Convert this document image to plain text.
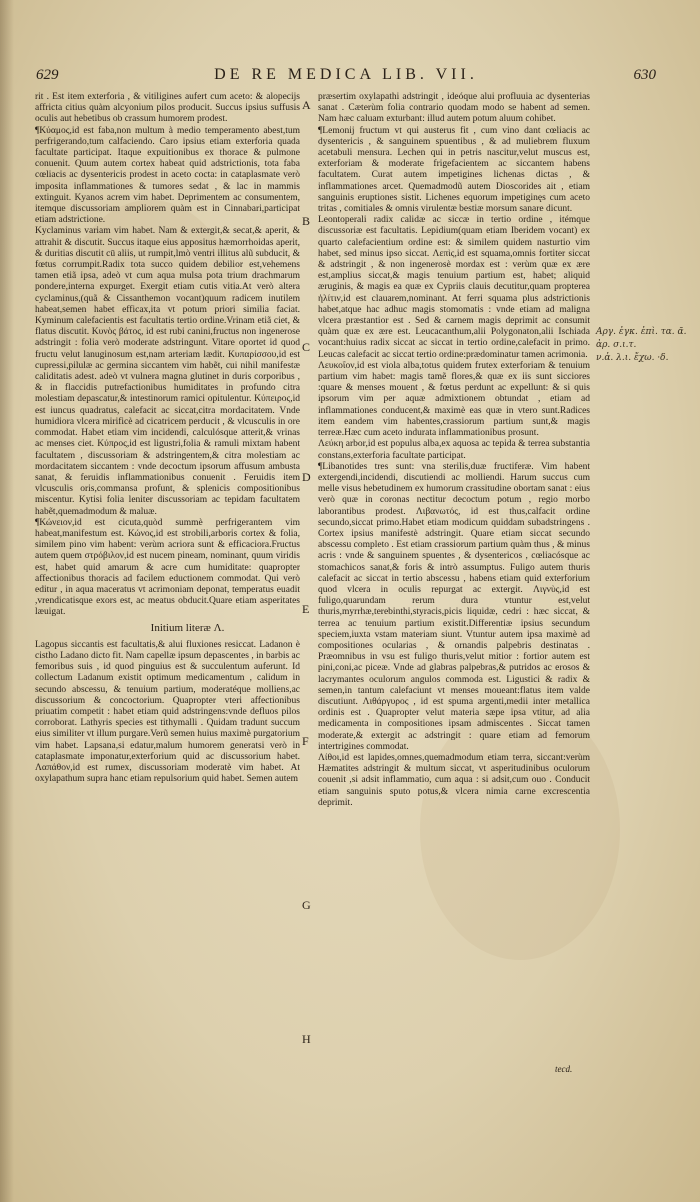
629	DE RE MEDICA LIB. VII.	630

rit . Est item exterforia , & vitiligines aufert cum aceto: & alopecijs affricta citius quàm alcyonium pilos producit. Succus ipsius suffusis oculis aut hebetibus ob crassum humorem prodest.

¶Κύαμος,id est faba,non multum à medio temperamento abest,tum perfrigerando,tum calfaciendo. Caro ipsius etiam exterforia quada facultate participat. Itaque expuitionibus ex thorace & pulmone conuenit. Quum autem cortex habeat quid adstrictionis, tota faba cœliacis ac dysentericis prodest in aceto cocta: in cataplasmate verò imposita inflammationes & tumores sedat , & lac in mammis extinguit. Kyanos acrem vim habet. Deprimentem ac consumentem, itemque discussoriam ampliorem quàm est in Cinnabari,participat etiam adstrictione.

Kyclaminus variam vim habet. Nam & extergit,& secat,& aperit, & attrahit & discutit. Succus itaque eius appositus hæmorrhoidas aperit, & duritias discutit cū aliis, ut rumpit,lmò ventri illitus alũ subducit, & fœtus corrumpit.Radix tota succo quidem debilior est,vehemens tamen etiã ipsa, adeò vt cum aqua mulsa pota trium drachmarum pondere,interna expurget. Exergit etiam cutis vitia.At verò altera cyclaminus,(quã & Cissanthemon vocant)quum radicem inutilem habeat,semen habet efficax,ita vt potum priori similia faciat. Kyminum calefacientis est facultatis tertio ordine.Vrinam etiã ciet, & flatus discutit. Κυνὸς βάτος, id est rubi canini,fructus non ingenerose adstringit : folia verò moderate adstringunt. Vitare oportet id quod fructu velut lanuginosum est,nam arteriam lædit. Κυπαρίσσου,id est cupressi,pilulæ ac germina siccantem vim habẽt, cui nihil manifestæ caliditatis adest. adeò vt vulnera magna glutinet in duris corporibus , & in flaccidis putrefactionibus humiditates in profundo citra molestiam depascatur,& intestinorum ramici opitulentur. Κύπειρος,id est iuncus quadratus, calefacit ac siccat,citra mordacitatem. Vnde humidiora vlcera mirificè ad cicatricem perducit , & vlcusculis in ore commodat. Habet etiam vim incidendi, calculósque atterit,& vrinas ac menses ciet. Κύπρος,id est ligustri,folia & ramuli mixtam habent facultatem , discussoriam & adstringentem,& citra molestiam ac mordacitatem siccantem : vnde decoctum ipsorum affusum ambusta sanat, & feruidis inflammationibus conuenit . Feruidis item vlcusculis oris,commansa profunt, & splenicis compositionibus miscentur. Kytisi folia leniter discussoriam ac tepidam facultatem habẽt,quemadmodum & maluæ.

¶Κώνειον,id est cicuta,quòd summè perfrigerantem vim habeat,manifestum est. Κώνος,id est strobili,arboris cortex & folia, similem pino vim habent: verùm acriora sunt & efficaciora.Fructus autem quem στρόβιλον,id est nucem pineam, nominant, quum viridis est, habet quid amarum & acre cum humiditate: quapropter affectionibus thoracis ad facilem eductionem commodat. Qui verò editur , in aqua maceratus vt acrimoniam deponat, temperatus euadit ,vrendicatisque exors est, ac meatus obducit.Quare etiam asperitates læuigat.

Initium literæ Λ.

Lagopus siccantis est facultatis,& alui fluxiones resiccat. Ladanon è cistho Ladano dicto fit. Nam capellæ ipsum depascentes , in barbis ac femoribus suis , id quod pinguius est & succulentum auferunt. Id collectum Ladanum existit optimum medicamentum , calidum in secundo abscessu, & tenuium partium, moderatéque molliens,ac discussorium & concoctorium. Quapropter vteri affectionibus priuatim competit : habet etiam quid adstringens:vnde defluos pilos corroborat. Lathyris species est tithymalli . Quidam tradunt succum eius similiter vt illum purgare.Verũ semen huius maximè purgatorium vim habet. Lapsana,si edatur,malum humorem generatsi verò in cataplasmate imponatur,exterforium quid ac discussorium habet. Λαπάθον,id est rumex, discussoriam moderatè vim habet. At oxylapathum supra hanc etiam repulsorium quid habet. Semen autem

A
B
C
D
E
F
G
H

præsertim oxylapathi adstringit , ideóque alui profluuia ac dysenterias sanat . Cæterùm folia contrario quodam modo se habent ad semen. Nam hæc caluam exturbant: illud autem potum aluum cohibet.

¶Lemonij fructum vt qui austerus fit , cum vino dant cœliacis ac dysentericis , & sanguinem spuentibus , & ad muliebrem fluxum acetabuli mensura. Lechen qui in petris nascitur,velut muscus est, exterforiam & moderate frigefacientem ac siccantem habens facultatem. Curat autem impetigines lichenas dictas , & inflammationes arcet. Quemadmodũ autem Dioscorides ait , etiam sanguinis eruptiones sistit. Lichenes equorum impetiginęs cum aceto tritas , comitiales & omnis virulentæ bestiæ morsum sanare dicunt.

Leontoperali radix calidæ ac siccæ in tertio ordine , itémque discussoriæ est facultatis. Lepidium(quam etiam Iberidem vocant) ex quarto calefacientium ordine est: & similem quidem nasturtio vim habet, sed minus ipso siccat. Λεπὶς,id est squama,omnis fortiter siccat & adstringit , & non ingenerosè mordax est : verùm quæ ex ære est,amplius siccat,& magis tenuium partium est, habet; aliquid æruginis, & magis ea quæ ex Cypriis clauis decutitur,quam propterea ἡλίτιν,id est clauarem,nominant. At ferri squama plus adstrictionis habet,atque hac adhuc magis stomomatis : vnde etiam ad maligna vlcera præstantior est . Sed & carnem magis deprimit ac consumit quàm quæ ex ære est. Leucacanthum,alii Polygonaton,alii Ischiada vocant:huius radix siccat ac siccat in tertio ordine,calefacit in primo. Leucas calefacit ac siccat tertio ordine:prædominatur tamen acrimonia.

Λευκοΐον,id est viola alba,totus quidem frutex exterforiam & tenuium partium vim habet: magis tamẽ flores,& quæ ex iis sunt sicciores :quare & menses mouent , & fœtus perdunt ac expellunt: & si quis ipsorum vim per aquæ admixtionem obtundat , etiam ad inflammationes conducent,& maximè eas quæ in vtero sunt.Radices item eandem vim habentes,crassiorum partium sunt,& magis terreæ.Hæc cum aceto indurata inflammationibus prosunt.

Λεύκη arbor,id est populus alba,ex aquosa ac tepida & terrea substantia constans,exterforia facultate participat.

¶Libanotides tres sunt: vna sterilis,duæ fructiferæ. Vim habent extergendi,incidendi, discutiendi ac molliendi. Harum succus cum melle visus hebetudinem ex humorum crassitudine obortam sanat : eius verò quæ in coronas nectitur decoctum potum , regio morbo laborantibus prodest. Λιβανωτός, id est thus,calfacit ordine secundo,siccat primo.Habet etiam modicum quiddam subadstringens . Cortex ipsius manifestè adstringit. Quare etiam siccat secundo abscessu completo . Est etiam crassiorum partium quàm thus , & minus acris : vnde & sanguinem spuentes , & dysentericos , cœliacósque ac stomachicos sanat,& foris & intrò assumptus. Fuligo autem thuris calefacit ac siccat in tertio abscessu , habens etiam quid exterforium quod vlcera in oculis repurgat ac extergit. Λιγνὺς,id est fuligo,quarundam rerum dura vtuntur est,velut thuris,myrrhæ,terebinthi,styracis,picis liquidæ, cedri : hæc siccat, & terrea ac tenuium partium existit.Differentiæ ipsius secundum speciem,iuxta vstam materiam siunt. Vtuntur autem ipsa maximè ad compositiones ocularias , & ornandis palpebris destinatas . Præomnibus in vsu est fuligo thuris,velut mitior : fortior autem est pini,coni,ac piceæ. Vnde ad glabras palpebras,& putridos ac erosos & lacrymantes oculorum angulos commoda est. Ligustici & radix & semen,in tantum calefaciunt vt menses moueant:flatus item valde discutiunt. Λιθάργυρος , id est spuma argenti,medii inter metallica ordinis est . Quapropter velut materia sæpe ipsa vtitur, ad alia medicamenta in compositiones ipsam admiscentes . Siccat tamen moderate,& extergit ac adstringit : quare etiam ad femorum intertrigines commodat.

Λίθοι,id est lapides,omnes,quemadmodum etiam terra, siccant:verùm Hæmatites adstringit & multum siccat, vt asperitudinibus oculorum couenit ,si adsit inflammatio, cum aqua : si adsit,cum ouo . Conducit etiam sanguinis sputo potus,& vlcera nimia carne excrescentia deprimit.

Αργ. ἐγκ. ἐπὶ. τα. ᾶ.
ἀρ. σ.ι.τ.
ν.ἁ. λ.ι. ἔχω. ·δ.
tecd.
